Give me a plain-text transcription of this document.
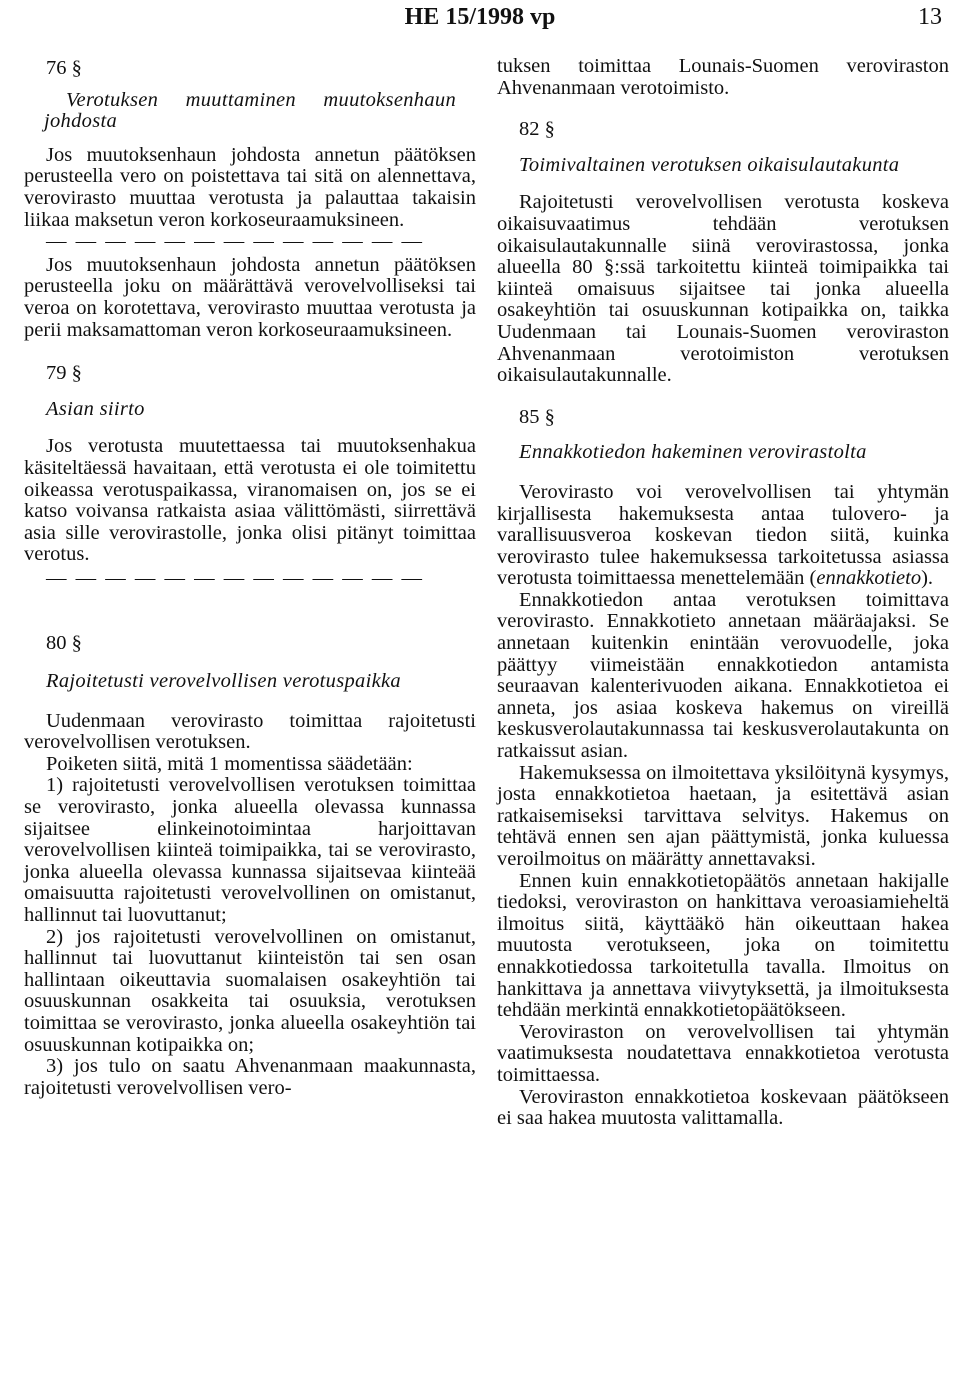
HE 15/1998 vp	13

76 §

Verotuksen muuttaminen muutoksenhaun johdosta

Jos muutoksenhaun johdosta annetun päätöksen perusteella vero on poistettava tai sitä on alennettava, verovirasto muuttaa verotusta ja palauttaa takaisin liikaa maksetun veron korkoseuraamuksineen.

— — — — — — — — — — — — —

Jos muutoksenhaun johdosta annetun päätöksen perusteella joku on määrättävä verovelvolliseksi tai veroa on korotettava, verovirasto muuttaa verotusta ja perii maksamattoman veron korkoseuraamuksineen.

79 §

Asian siirto

Jos verotusta muutettaessa tai muutoksenhakua käsiteltäessä havaitaan, että verotusta ei ole toimitettu oikeassa verotuspaikassa, viranomaisen on, jos se ei katso voivansa ratkaista asiaa välittömästi, siirrettävä asia sille verovirastolle, jonka olisi pitänyt toimittaa verotus.

— — — — — — — — — — — — —

80 §

Rajoitetusti verovelvollisen verotuspaikka

Uudenmaan verovirasto toimittaa rajoitetusti verovelvollisen verotuksen.

Poiketen siitä, mitä 1 momentissa säädetään:

1) rajoitetusti verovelvollisen verotuksen toimittaa se verovirasto, jonka alueella olevassa kunnassa sijaitsee elinkeinotoimintaa harjoittavan verovelvollisen kiinteä toimipaikka, tai se verovirasto, jonka alueella olevassa kunnassa sijaitsevaa kiinteää omaisuutta rajoitetusti verovelvollinen on omistanut, hallinnut tai luovuttanut;

2) jos rajoitetusti verovelvollinen on omistanut, hallinnut tai luovuttanut kiinteistön tai sen osan hallintaan oikeuttavia suomalaisen osakeyhtiön tai osuuskunnan osakkeita tai osuuksia, verotuksen toimittaa se verovirasto, jonka alueella osakeyhtiön tai osuuskunnan kotipaikka on;

3) jos tulo on saatu Ahvenanmaan maakunnasta, rajoitetusti verovelvollisen vero-

tuksen toimittaa Lounais-Suomen veroviraston Ahvenanmaan verotoimisto.

82 §

Toimivaltainen verotuksen oikaisulautakunta

Rajoitetusti verovelvollisen verotusta koskeva oikaisuvaatimus tehdään verotuksen oikaisulautakunnalle siinä verovirastossa, jonka alueella 80 §:ssä tarkoitettu kiinteä toimipaikka tai kiinteä omaisuus sijaitsee tai jonka alueella osakeyhtiön tai osuuskunnan kotipaikka on, taikka Uudenmaan tai Lounais-Suomen veroviraston Ahvenanmaan verotoimiston verotuksen oikaisulautakunnalle.

85 §

Ennakkotiedon hakeminen verovirastolta

Verovirasto voi verovelvollisen tai yhtymän kirjallisesta hakemuksesta antaa tulovero- ja varallisuusveroa koskevan tiedon siitä, kuinka verovirasto tulee hakemuksessa tarkoitetussa asiassa verotusta toimittaessa menettelemään (ennakkotieto).

Ennakkotiedon antaa verotuksen toimittava verovirasto. Ennakkotieto annetaan määräajaksi. Se annetaan kuitenkin enintään verovuodelle, joka päättyy viimeistään ennakkotiedon antamista seuraavan kalenterivuoden aikana. Ennakkotietoa ei anneta, jos asiaa koskeva hakemus on vireillä keskusverolautakunnassa tai keskusverolautakunta on ratkaissut asian.

Hakemuksessa on ilmoitettava yksilöitynä kysymys, josta ennakkotietoa haetaan, ja esitettävä asian ratkaisemiseksi tarvittava selvitys. Hakemus on tehtävä ennen sen ajan päättymistä, jonka kuluessa veroilmoitus on määrätty annettavaksi.

Ennen kuin ennakkotietopäätös annetaan hakijalle tiedoksi, veroviraston on hankittava veroasiamieheltä ilmoitus siitä, käyttääkö hän oikeuttaan hakea muutosta verotukseen, joka on toimitettu ennakkotiedossa tarkoitetulla tavalla. Ilmoitus on hankittava ja annettava viivytyksettä, ja ilmoituksesta tehdään merkintä ennakkotietopäätökseen.

Veroviraston on verovelvollisen tai yhtymän vaatimuksesta noudatettava ennakkotietoa verotusta toimittaessa.

Veroviraston ennakkotietoa koskevaan päätökseen ei saa hakea muutosta valittamalla.
